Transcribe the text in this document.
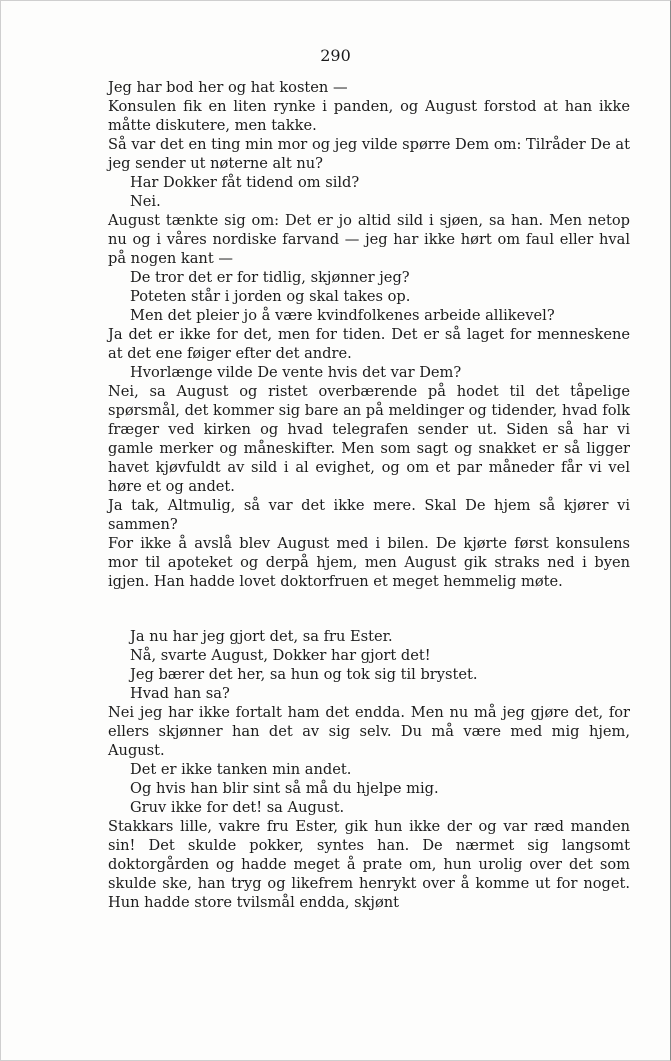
290

Jeg har bod her og hat kosten —

Konsulen fik en liten rynke i panden, og August forstod at han ikke måtte diskutere, men takke.

Så var det en ting min mor og jeg vilde spørre Dem om: Tilråder De at jeg sender ut nøterne alt nu?

Har Dokker fåt tidend om sild?

Nei.

August tænkte sig om: Det er jo altid sild i sjøen, sa han. Men netop nu og i våres nordiske farvand — jeg har ikke hørt om faul eller hval på nogen kant —

De tror det er for tidlig, skjønner jeg?

Poteten står i jorden og skal takes op.

Men det pleier jo å være kvindfolkenes arbeide allikevel?

Ja det er ikke for det, men for tiden. Det er så laget for menneskene at det ene føiger efter det andre.

Hvorlænge vilde De vente hvis det var Dem?

Nei, sa August og ristet overbærende på hodet til det tåpelige spørsmål, det kommer sig bare an på meldinger og tidender, hvad folk fræger ved kirken og hvad telegrafen sender ut. Siden så har vi gamle merker og måneskifter. Men som sagt og snakket er så ligger havet kjøvfuldt av sild i al evighet, og om et par måneder får vi vel høre et og andet.

Ja tak, Altmulig, så var det ikke mere. Skal De hjem så kjører vi sammen?

For ikke å avslå blev August med i bilen. De kjørte først konsulens mor til apoteket og derpå hjem, men August gik straks ned i byen igjen. Han hadde lovet doktorfruen et meget hemmelig møte.

Ja nu har jeg gjort det, sa fru Ester.

Nå, svarte August, Dokker har gjort det!

Jeg bærer det her, sa hun og tok sig til brystet.

Hvad han sa?

Nei jeg har ikke fortalt ham det endda. Men nu må jeg gjøre det, for ellers skjønner han det av sig selv. Du må være med mig hjem, August.

Det er ikke tanken min andet.

Og hvis han blir sint så må du hjelpe mig.

Gruv ikke for det! sa August.

Stakkars lille, vakre fru Ester, gik hun ikke der og var ræd manden sin! Det skulde pokker, syntes han. De nærmet sig langsomt doktorgården og hadde meget å prate om, hun urolig over det som skulde ske, han tryg og likefrem henrykt over å komme ut for noget. Hun hadde store tvilsmål endda, skjønt
